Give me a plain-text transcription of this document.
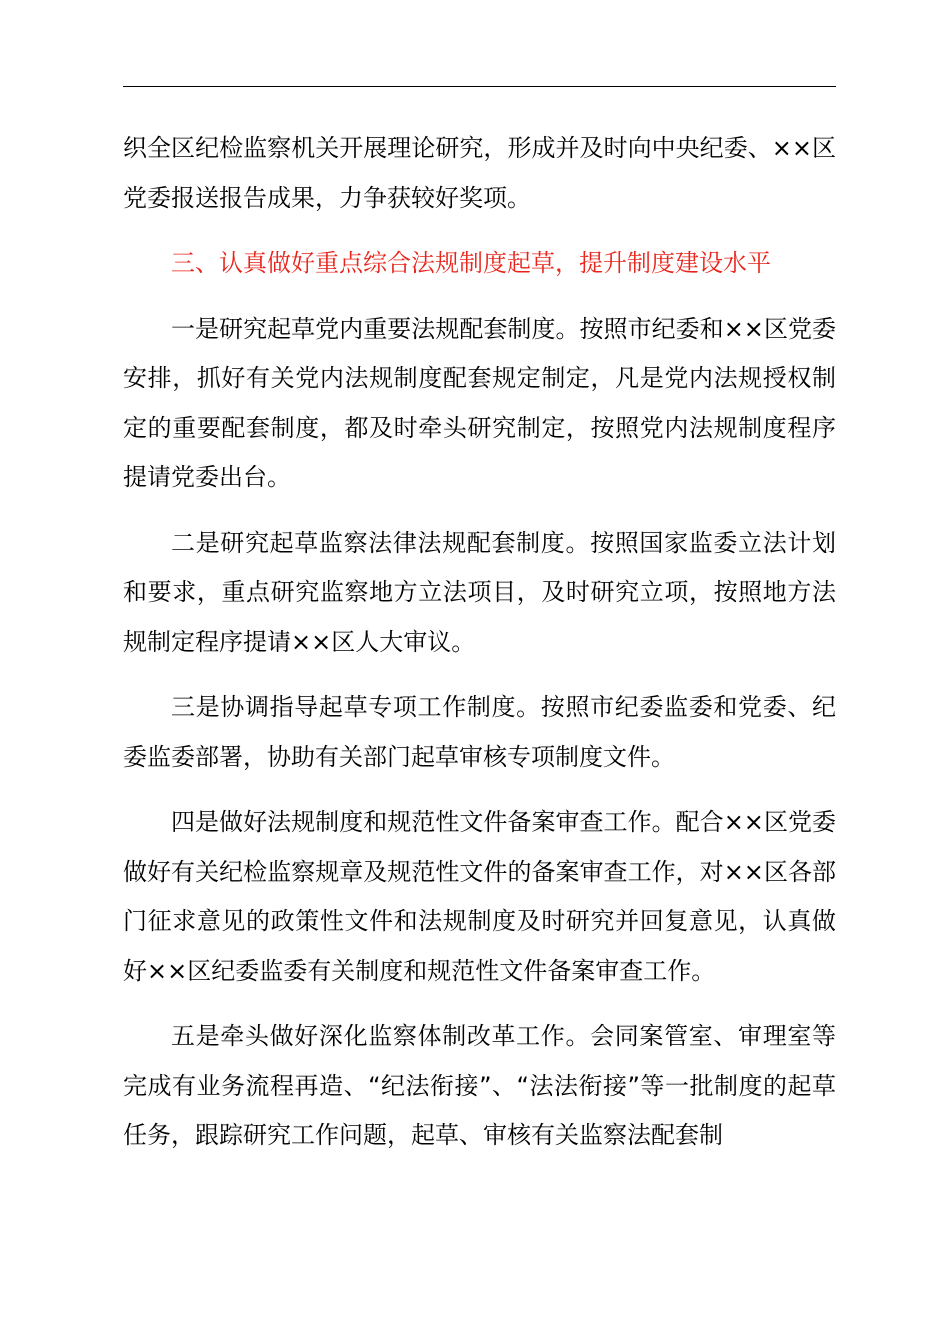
织全区纪检监察机关开展理论研究，形成并及时向中央纪委、××区党委报送报告成果，力争获较好奖项。

三、认真做好重点综合法规制度起草，提升制度建设水平

一是研究起草党内重要法规配套制度。按照市纪委和××区党委安排，抓好有关党内法规制度配套规定制定，凡是党内法规授权制定的重要配套制度，都及时牵头研究制定，按照党内法规制度程序提请党委出台。

二是研究起草监察法律法规配套制度。按照国家监委立法计划和要求，重点研究监察地方立法项目，及时研究立项，按照地方法规制定程序提请××区人大审议。

三是协调指导起草专项工作制度。按照市纪委监委和党委、纪委监委部署，协助有关部门起草审核专项制度文件。

四是做好法规制度和规范性文件备案审查工作。配合××区党委做好有关纪检监察规章及规范性文件的备案审查工作，对××区各部门征求意见的政策性文件和法规制度及时研究并回复意见，认真做好××区纪委监委有关制度和规范性文件备案审查工作。

五是牵头做好深化监察体制改革工作。会同案管室、审理室等完成有业务流程再造、“纪法衔接”、“法法衔接”等一批制度的起草任务，跟踪研究工作问题，起草、审核有关监察法配套制
